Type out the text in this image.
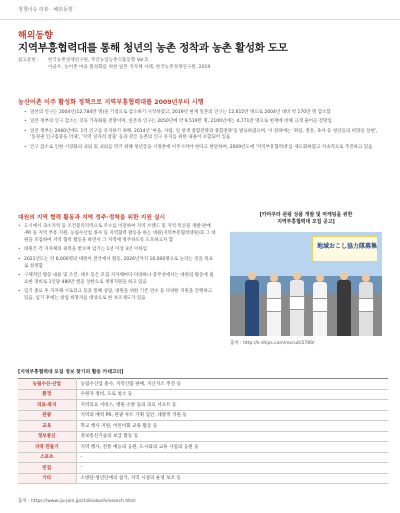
정책이슈 리뷰 · 해외동향
해외동향
지역부흥협력대를 통해 청년의 농촌 정착과 농촌 활성화 도모
참고문헌 :	한국농촌경제연구원, 주간농업농촌식품동향 Vol.5
이균우, 농어촌 마을 활성화를 위한 일본 지자체 사례, 한국농촌경제연구원, 2019
농산어촌 이주 활성화 정책으로 지역부흥협력대를 2009년부터 시행
• 일본의 인구는 2004년(12,784만 명)을 기점으로 감소하기 시작하였고, 2019년 현재 일본의 인구는 12,615만 명으로 2004년 대비 약 170만 명 감소함
• 일본 정부의 인구 감소는 더욱 가속화될 전망이며, 일본의 인구는 2050년에 약 9,519만 명, 2100년에는 4,771만 명으로 현재에 비해 크게 줄어들 전망임
• 일본 정부는 2060년에도 1억 인구를 유지하기 위해, 2014년 '마을, 사람, 일 창생 종합전략과 종합전략'을 발표하였으며, 이 전략에는 '취업, 결혼, 육아 등 청년들의 희망을 실현', '동경권 인구집중을 억제', '지역 일자리 창출' 등과 같은 농촌의 인구 유지를 위한 내용이 포함되어 있음
• 인구 감소로 인한 시장화의 쇠퇴 및 쇠퇴를 막기 위해 청년층을 시정촌에 이주시켜야 한다고 판단하여, 2009년도에 '지역부흥협력대'를 제도화하였고 지속적으로 추진하고 있음
대원의 지역 협력 활동과 지역 정주·정착을 위한 지원 실시
• 도시에서 과소지역 등 조건불리지역으로 주소를 이전하여 지역 브랜드 및 지역 특산물 개발·판매·PR 등 지역 부흥 지원, 농림수산업 종사 등 지역협력 활동을 하는 대원(지역부흥협력대원)과 그 대원을 모집하여 지역 협력 활동을 하면서 그 지역에 정주하도록 도모하고자 함
• 대원은 각 지자체의 위촉을 받으며 임기는 1년 이상 3년 이하임
• 2021년도는 약 6,000명의 대원이 전국에서 활동, 2026년까지 10,000명으로 늘리는 것을 목표로 설정함
• 구체적인 활동 내용 및 조건, 대우 등은 모집 지자체마다 다양하나 총무성에서는 대원의 활동에 필요한 경비로 1인당 480만 엔을 상한으로 재정지원을 하고 있음
• 임기 종료 후 지자체·시토티크 등을 통해 상담, 대원을 위한 기존 연수 등 다양한 지원을 진행하고 있음. 임기 후에는 창업 희망자를 대상으로 한 보조제도가 있음
[카마쿠라 관광 상품 개발 및 마케팅을 위한
지역부흥협력대 모집 공고]
地域おこし協力隊募集
출처 : http://k-ships.com/recruit/2789/
[지역부흥협력대 모집 정보 찾기의 활동 카테고리]
농림수산·산업	농림수산업 종사, 지역산품 판매, 지산지소 추진 등
환경	수원지 정비, 도로 청소 등
의료·복지	지역의료 서비스, 병원·소방 등의 의료 서포트 등
관광	지역의 매력 PR, 관광 루트 기획 입안, 네방적 지원 등
교육	학교 행사 지원, 어린이회 교류 활동 등
정보통신	정보통신기술의 보급 활동 등
지역 만들기	지역 행사, 전통 예능의 응원, 도시와의 교류 사업의 응원 등
스포츠	-
빈집	-
기타	소방단·청년단에의 참가, 지역 시설의 운영 보조 등
출처 : https://www.iju-join.jp/chiikiokoshi/search.html
